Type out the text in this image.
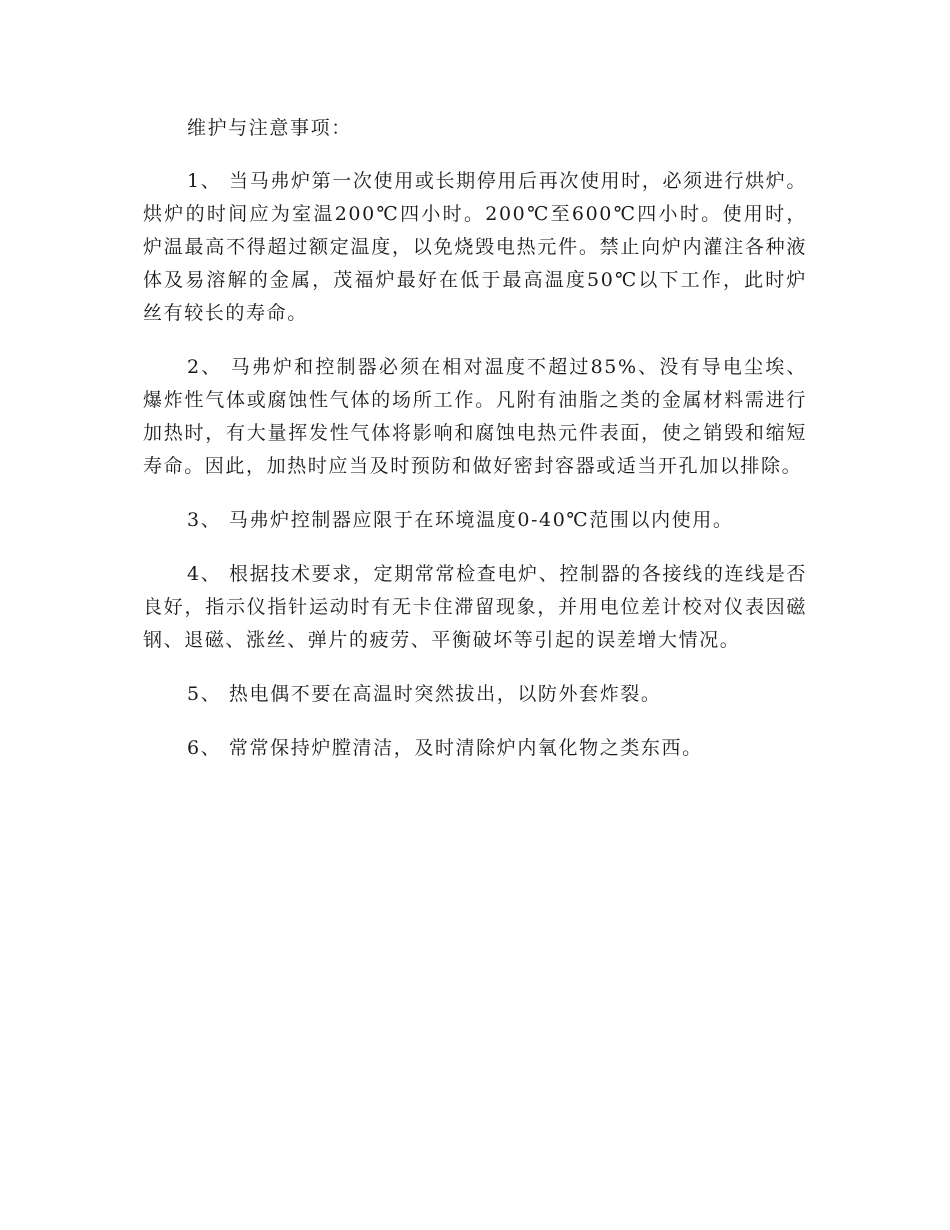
维护与注意事项：

1、 当马弗炉第一次使用或长期停用后再次使用时，必须进行烘炉。烘炉的时间应为室温200℃四小时。200℃至600℃四小时。使用时，炉温最高不得超过额定温度，以免烧毁电热元件。禁止向炉内灌注各种液体及易溶解的金属，茂福炉最好在低于最高温度50℃以下工作，此时炉丝有较长的寿命。

2、 马弗炉和控制器必须在相对温度不超过85%、没有导电尘埃、爆炸性气体或腐蚀性气体的场所工作。凡附有油脂之类的金属材料需进行加热时，有大量挥发性气体将影响和腐蚀电热元件表面，使之销毁和缩短寿命。因此，加热时应当及时预防和做好密封容器或适当开孔加以排除。

3、 马弗炉控制器应限于在环境温度0-40℃范围以内使用。

4、 根据技术要求，定期常常检查电炉、控制器的各接线的连线是否良好，指示仪指针运动时有无卡住滞留现象，并用电位差计校对仪表因磁钢、退磁、涨丝、弹片的疲劳、平衡破坏等引起的误差增大情况。

5、 热电偶不要在高温时突然拔出，以防外套炸裂。

6、 常常保持炉膛清洁，及时清除炉内氧化物之类东西。
